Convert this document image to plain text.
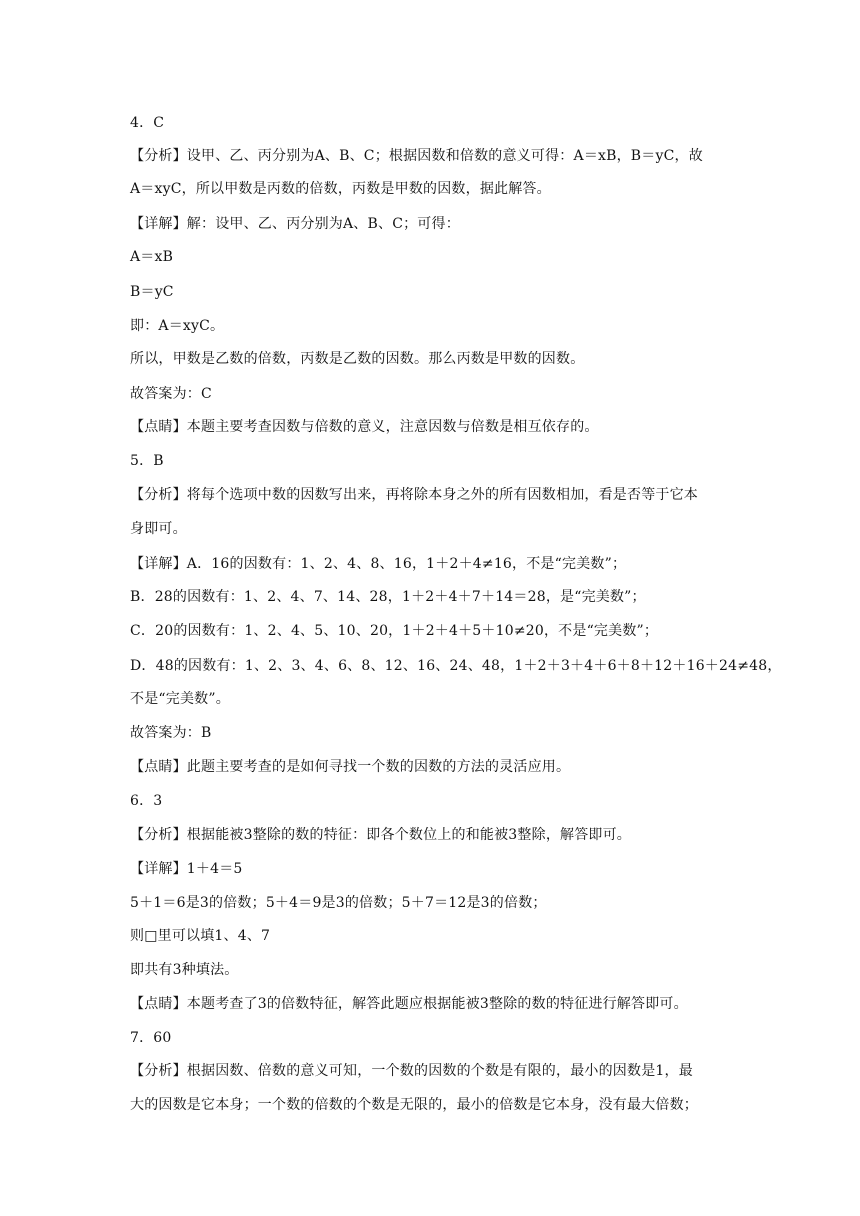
4．C
【分析】设甲、乙、丙分别为A、B、C；根据因数和倍数的意义可得：A＝xB，B＝yC，故
A＝xyC，所以甲数是丙数的倍数，丙数是甲数的因数，据此解答。
【详解】解：设甲、乙、丙分别为A、B、C；可得：
A＝xB
B＝yC
即：A＝xyC。
所以，甲数是乙数的倍数，丙数是乙数的因数。那么丙数是甲数的因数。
故答案为：C
【点睛】本题主要考查因数与倍数的意义，注意因数与倍数是相互依存的。
5．B
【分析】将每个选项中数的因数写出来，再将除本身之外的所有因数相加，看是否等于它本
身即可。
【详解】A．16的因数有：1、2、4、8、16，1＋2＋4≠16，不是“完美数”；
B．28的因数有：1、2、4、7、14、28，1＋2＋4＋7＋14＝28，是“完美数”；
C．20的因数有：1、2、4、5、10、20，1＋2＋4＋5＋10≠20，不是“完美数”；
D．48的因数有：1、2、3、4、6、8、12、16、24、48，1＋2＋3＋4＋6＋8＋12＋16＋24≠48，
不是“完美数”。
故答案为：B
【点睛】此题主要考查的是如何寻找一个数的因数的方法的灵活应用。
6．3
【分析】根据能被3整除的数的特征：即各个数位上的和能被3整除，解答即可。
【详解】1＋4＝5
5＋1＝6是3的倍数；5＋4＝9是3的倍数；5＋7＝12是3的倍数；
则□里可以填1、4、7
即共有3种填法。
【点睛】本题考查了3的倍数特征，解答此题应根据能被3整除的数的特征进行解答即可。
7．60
【分析】根据因数、倍数的意义可知，一个数的因数的个数是有限的，最小的因数是1，最
大的因数是它本身；一个数的倍数的个数是无限的，最小的倍数是它本身，没有最大倍数；
